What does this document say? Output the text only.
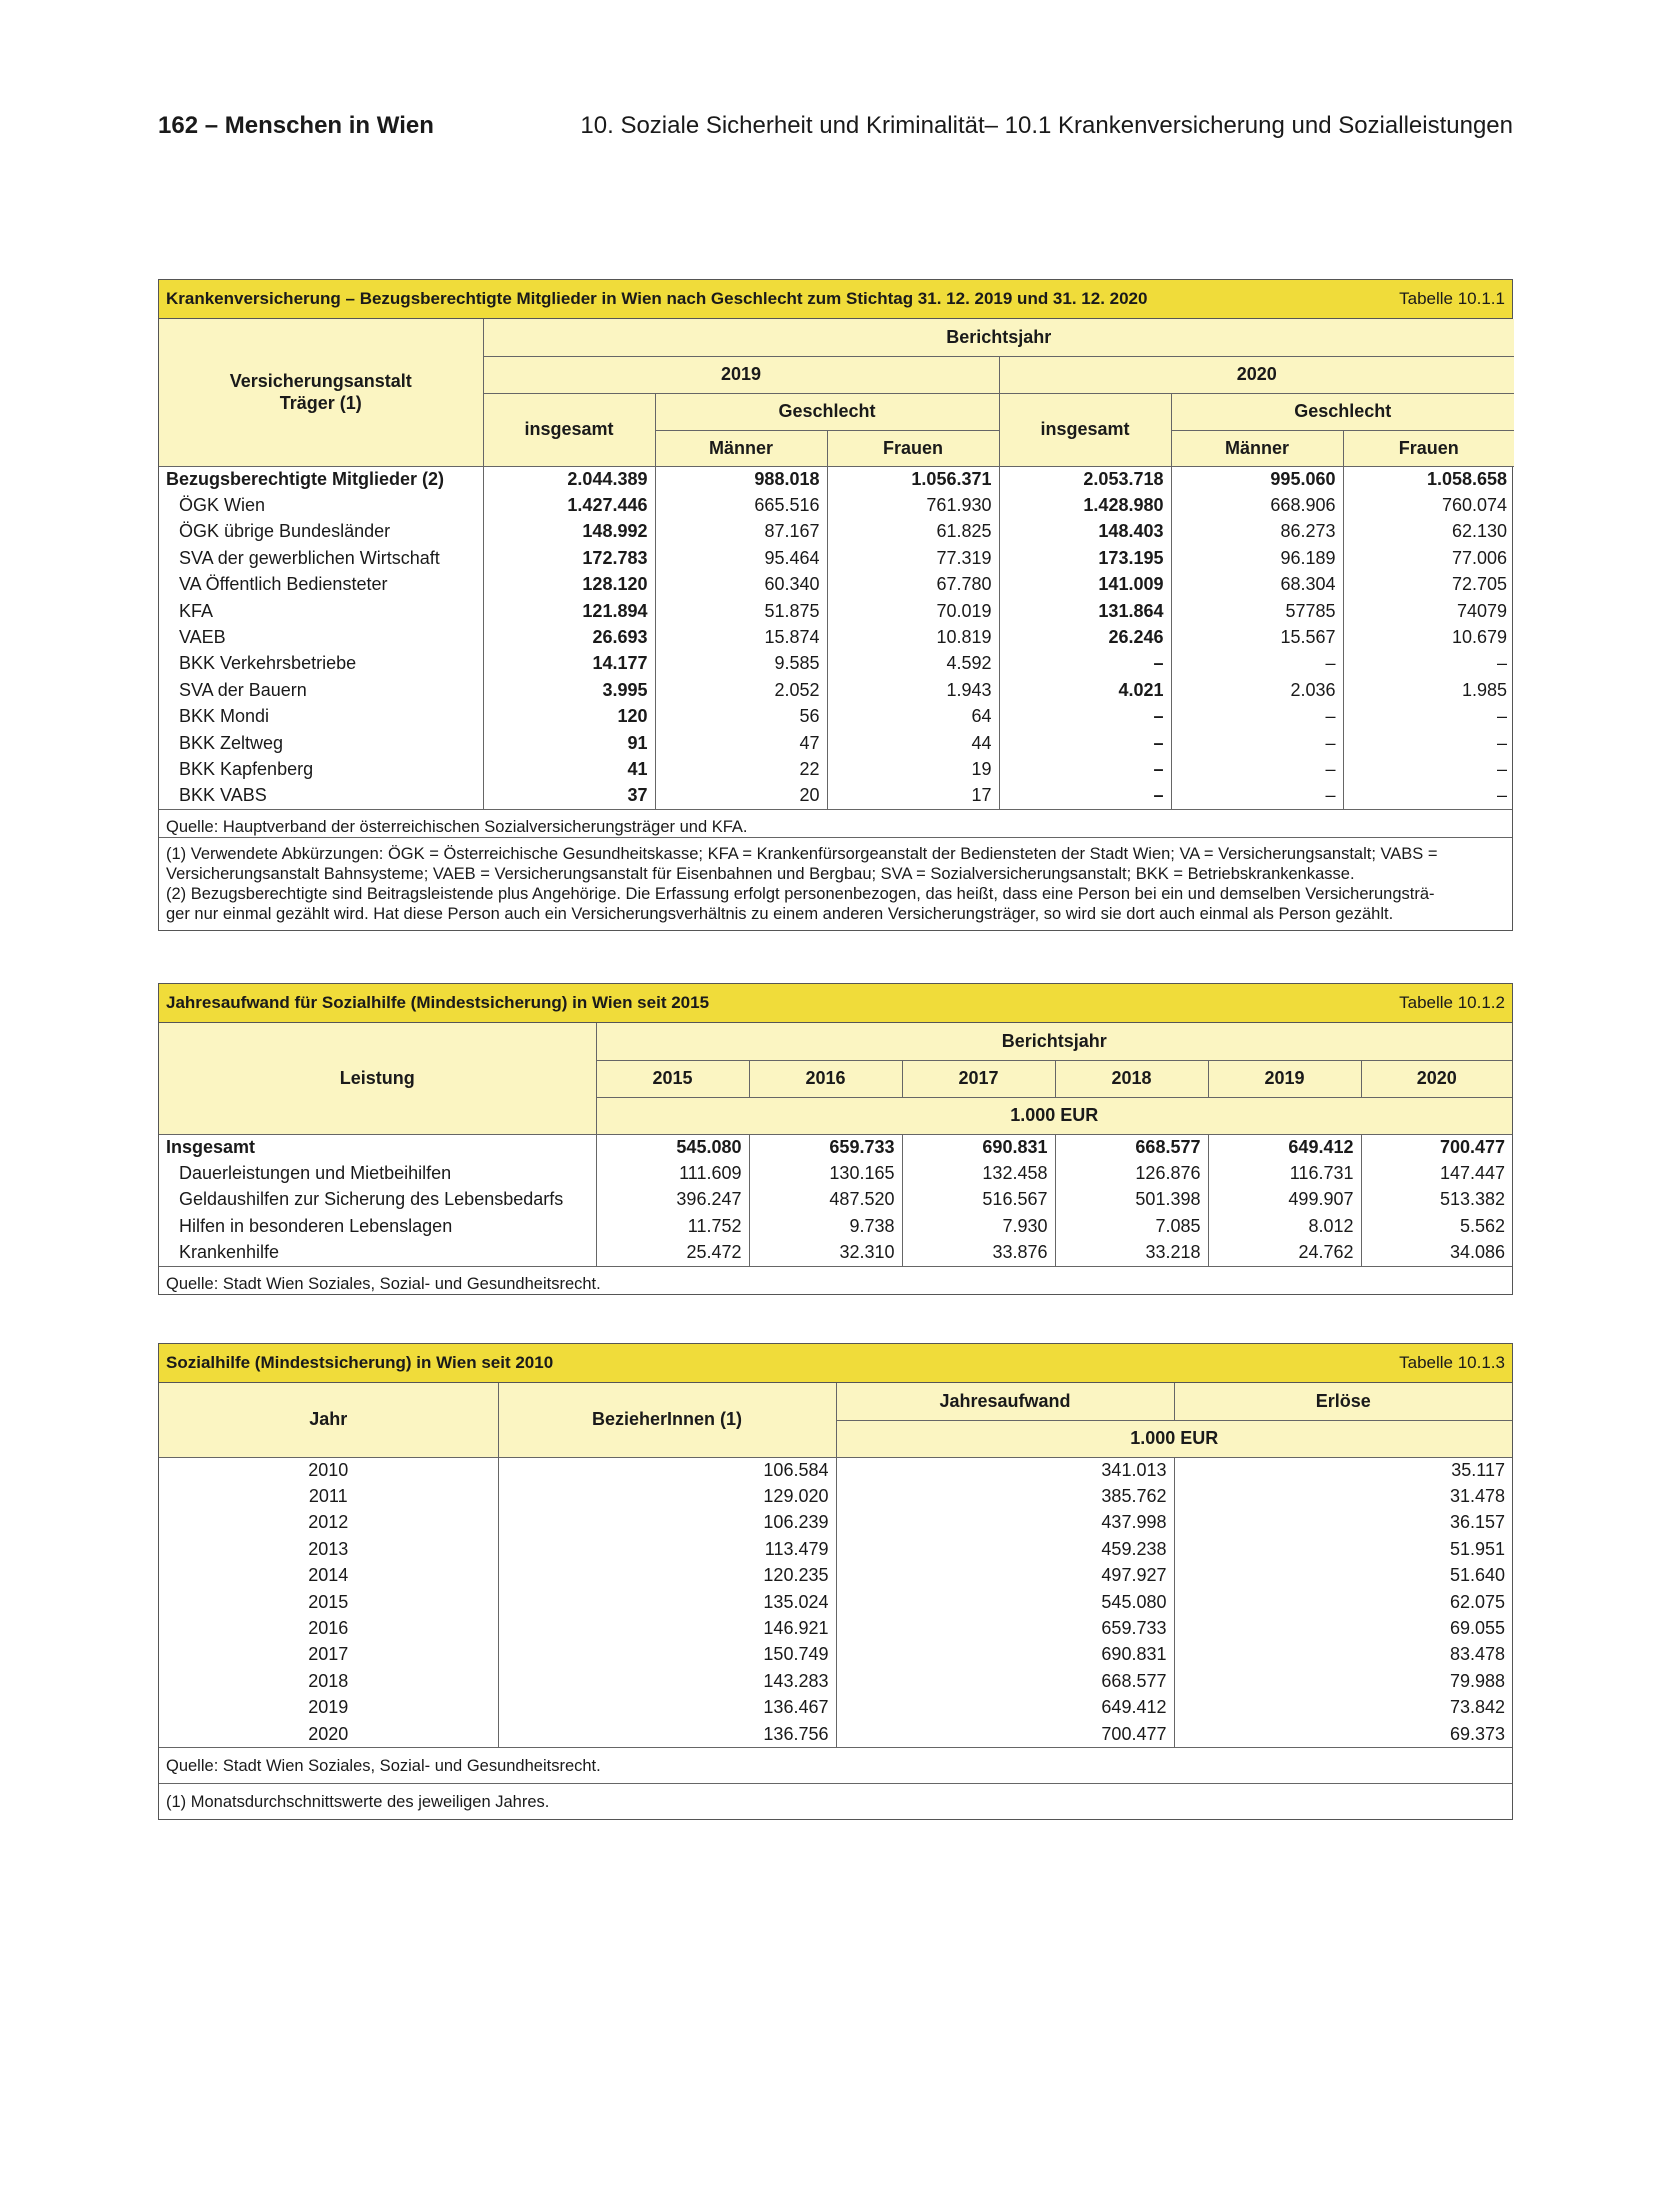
162 – Menschen in Wien	10. Soziale Sicherheit und Kriminalität– 10.1 Krankenversicherung und Sozialleistungen
Krankenversicherung – Bezugsberechtigte Mitglieder in Wien nach Geschlecht zum Stichtag 31. 12. 2019 und 31. 12. 2020	Tabelle 10.1.1
Versicherungsanstalt
Träger (1)	Berichtsjahr					
	2019			2020		
	insgesamt	Geschlecht		insgesamt	Geschlecht	
		Männer	Frauen		Männer	Frauen
Bezugsberechtigte Mitglieder (2)	2.044.389	988.018	1.056.371	2.053.718	995.060	1.058.658
ÖGK Wien	1.427.446	665.516	761.930	1.428.980	668.906	760.074
ÖGK übrige Bundesländer	148.992	87.167	61.825	148.403	86.273	62.130
SVA der gewerblichen Wirtschaft	172.783	95.464	77.319	173.195	96.189	77.006
VA Öffentlich Bediensteter	128.120	60.340	67.780	141.009	68.304	72.705
KFA	121.894	51.875	70.019	131.864	57785	74079
VAEB	26.693	15.874	10.819	26.246	15.567	10.679
BKK Verkehrsbetriebe	14.177	9.585	4.592	–	–	–
SVA der Bauern	3.995	2.052	1.943	4.021	2.036	1.985
BKK Mondi	120	56	64	–	–	–
BKK Zeltweg	91	47	44	–	–	–
BKK Kapfenberg	41	22	19	–	–	–
BKK VABS	37	20	17	–	–	–
Quelle: Hauptverband der österreichischen Sozialversicherungsträger und KFA.
(1) Verwendete Abkürzungen: ÖGK = Österreichische Gesundheitskasse; KFA = Krankenfürsorgeanstalt der Bediensteten der Stadt Wien; VA = Versicherungsanstalt; VABS =
Versicherungsanstalt Bahnsysteme; VAEB = Versicherungsanstalt für Eisenbahnen und Bergbau; SVA = Sozialversicherungsanstalt; BKK = Betriebskrankenkasse.
(2) Bezugsberechtigte sind Beitragsleistende plus Angehörige. Die Erfassung erfolgt personenbezogen, das heißt, dass eine Person bei ein und demselben Versicherungsträ-
ger nur einmal gezählt wird. Hat diese Person auch ein Versicherungsverhältnis zu einem anderen Versicherungsträger, so wird sie dort auch einmal als Person gezählt.
Jahresaufwand für Sozialhilfe (Mindestsicherung) in Wien seit 2015	Tabelle 10.1.2
Leistung	Berichtsjahr					
	2015	2016	2017	2018	2019	2020
	1.000 EUR					
Insgesamt	545.080	659.733	690.831	668.577	649.412	700.477
Dauerleistungen und Mietbeihilfen	111.609	130.165	132.458	126.876	116.731	147.447
Geldaushilfen zur Sicherung des Lebensbedarfs	396.247	487.520	516.567	501.398	499.907	513.382
Hilfen in besonderen Lebenslagen	11.752	9.738	7.930	7.085	8.012	5.562
Krankenhilfe	25.472	32.310	33.876	33.218	24.762	34.086
Quelle: Stadt Wien Soziales, Sozial- und Gesundheitsrecht.
Sozialhilfe (Mindestsicherung) in Wien seit 2010	Tabelle 10.1.3
Jahr	BezieherInnen (1)	Jahresaufwand	Erlöse
		1.000 EUR	
2010	106.584	341.013	35.117
2011	129.020	385.762	31.478
2012	106.239	437.998	36.157
2013	113.479	459.238	51.951
2014	120.235	497.927	51.640
2015	135.024	545.080	62.075
2016	146.921	659.733	69.055
2017	150.749	690.831	83.478
2018	143.283	668.577	79.988
2019	136.467	649.412	73.842
2020	136.756	700.477	69.373
Quelle: Stadt Wien Soziales, Sozial- und Gesundheitsrecht.
(1) Monatsdurchschnittswerte des jeweiligen Jahres.
